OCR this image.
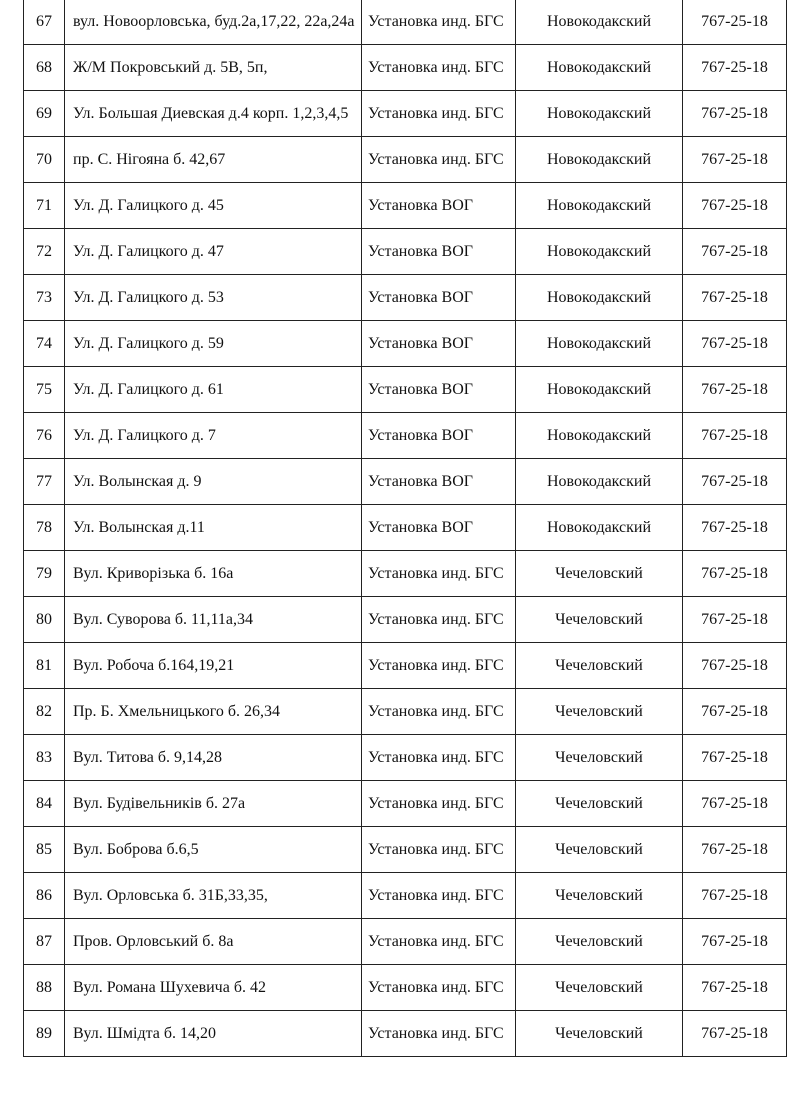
67	вул. Новоорловська, буд.2а,17,22, 22а,24а	Установка инд. БГС	Новокодакский	767-25-18
68	Ж/М Покровський д. 5В, 5п,	Установка инд. БГС	Новокодакский	767-25-18
69	Ул. Большая Диевская д.4 корп. 1,2,3,4,5	Установка инд. БГС	Новокодакский	767-25-18
70	пр. С. Нігояна б. 42,67	Установка инд. БГС	Новокодакский	767-25-18
71	Ул. Д. Галицкого д. 45	Установка ВОГ	Новокодакский	767-25-18
72	Ул. Д. Галицкого д. 47	Установка ВОГ	Новокодакский	767-25-18
73	Ул. Д. Галицкого д. 53	Установка ВОГ	Новокодакский	767-25-18
74	Ул. Д. Галицкого д. 59	Установка ВОГ	Новокодакский	767-25-18
75	Ул. Д. Галицкого д. 61	Установка ВОГ	Новокодакский	767-25-18
76	Ул. Д. Галицкого д. 7	Установка ВОГ	Новокодакский	767-25-18
77	Ул. Волынская д. 9	Установка ВОГ	Новокодакский	767-25-18
78	Ул. Волынская д.11	Установка ВОГ	Новокодакский	767-25-18
79	Вул. Криворізька б. 16а	Установка инд. БГС	Чечеловский	767-25-18
80	Вул. Суворова б. 11,11а,34	Установка инд. БГС	Чечеловский	767-25-18
81	Вул. Робоча б.164,19,21	Установка инд. БГС	Чечеловский	767-25-18
82	Пр. Б. Хмельницького б. 26,34	Установка инд. БГС	Чечеловский	767-25-18
83	Вул. Титова б. 9,14,28	Установка инд. БГС	Чечеловский	767-25-18
84	Вул. Будівельників б. 27а	Установка инд. БГС	Чечеловский	767-25-18
85	Вул. Боброва б.6,5	Установка инд. БГС	Чечеловский	767-25-18
86	Вул. Орловська б. 31Б,33,35,	Установка инд. БГС	Чечеловский	767-25-18
87	Пров. Орловський б. 8а	Установка инд. БГС	Чечеловский	767-25-18
88	Вул. Романа Шухевича б. 42	Установка инд. БГС	Чечеловский	767-25-18
89	Вул. Шмідта б. 14,20	Установка инд. БГС	Чечеловский	767-25-18
